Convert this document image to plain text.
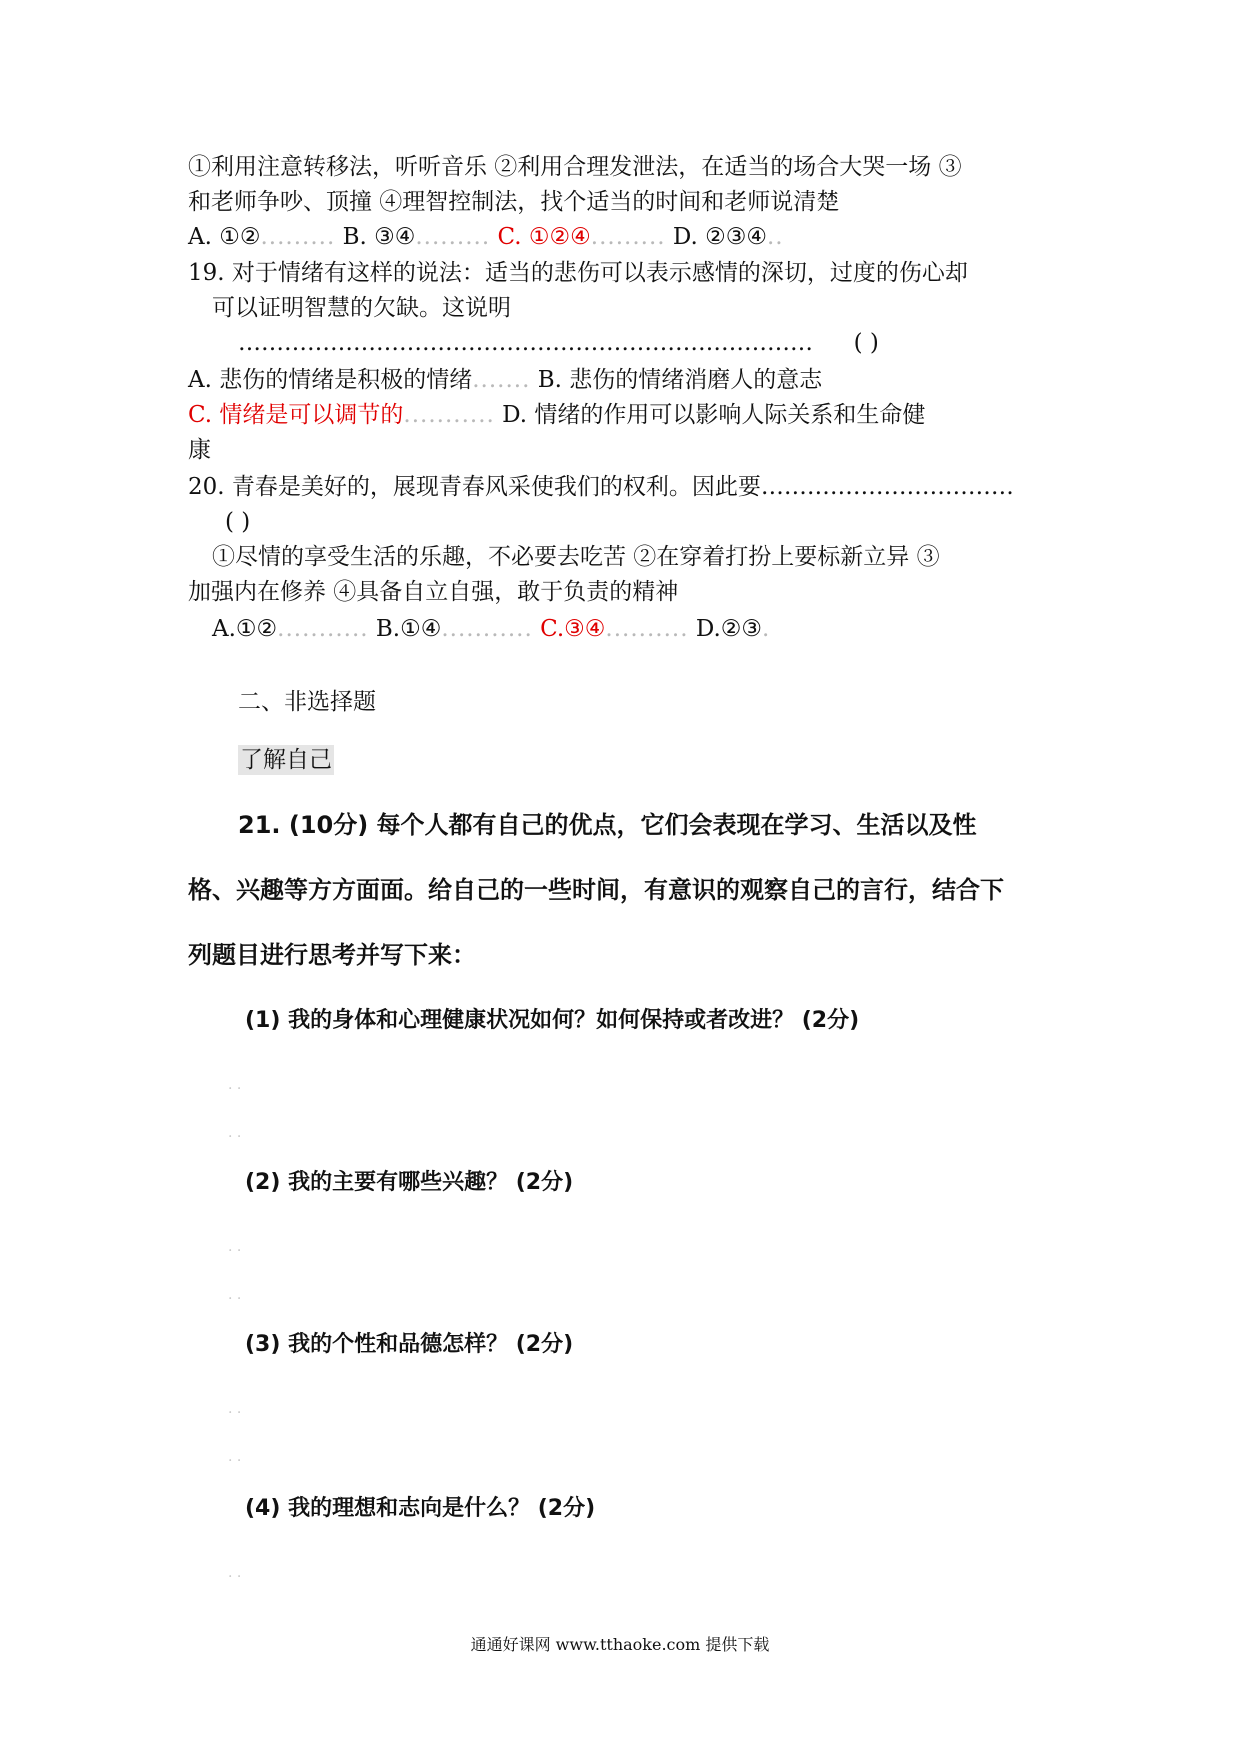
①利用注意转移法，听听音乐 ②利用合理发泄法，在适当的场合大哭一场 ③
和老师争吵、顶撞 ④理智控制法，找个适当的时间和老师说清楚
A. ①②......... B. ③④......... C. ①②④......... D. ②③④..
19. 对于情绪有这样的说法：适当的悲伤可以表示感情的深切，过度的伤心却
可以证明智慧的欠缺。这说明
………………………………………………………………… ( )
A. 悲伤的情绪是积极的情绪....... B. 悲伤的情绪消磨人的意志
C. 情绪是可以调节的........... D. 情绪的作用可以影响人际关系和生命健
康
20. 青春是美好的，展现青春风采使我们的权利。因此要……………………………
( )
①尽情的享受生活的乐趣，不必要去吃苦 ②在穿着打扮上要标新立异 ③
加强内在修养 ④具备自立自强，敢于负责的精神
A.①②........... B.①④........... C.③④.......... D.②③.
二、非选择题
了解自己
21. (10分) 每个人都有自己的优点，它们会表现在学习、生活以及性
格、兴趣等方方面面。给自己的一些时间，有意识的观察自己的言行，结合下
列题目进行思考并写下来：
(1) 我的身体和心理健康状况如何？如何保持或者改进？ (2分)
. .
. .
(2) 我的主要有哪些兴趣？ (2分)
. .
. .
(3) 我的个性和品德怎样？ (2分)
. .
. .
(4) 我的理想和志向是什么？ (2分)
. .
通通好课网 www.tthaoke.com 提供下载
